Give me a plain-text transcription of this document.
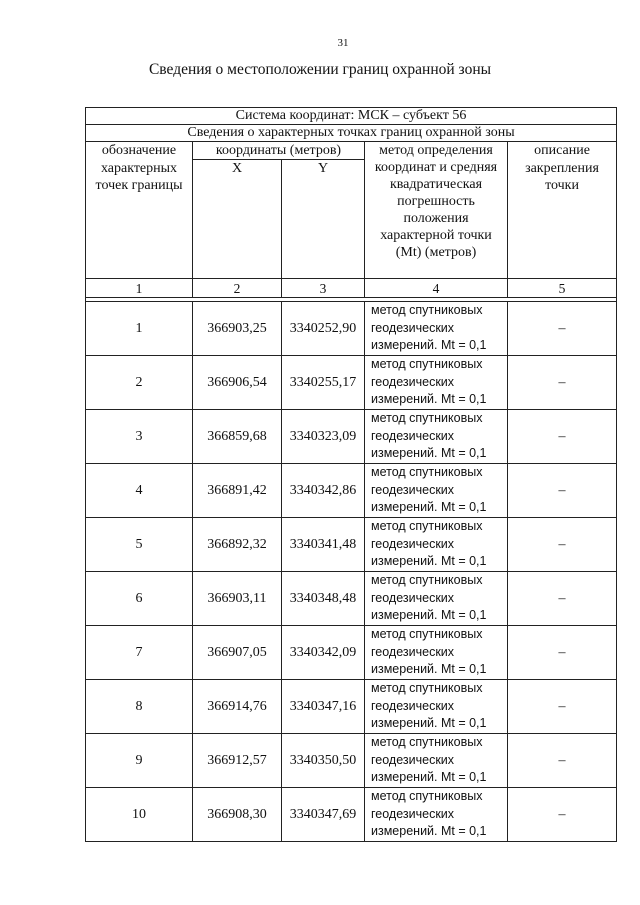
31
Сведения о местоположении границ охранной зоны
Система координат: МСК – субъект 56				
Сведения о характерных точках границ охранной зоны				
обозначение	координаты (метров)		метод определения координат и средняя квадратическая погрешность положения характерной точки (Mt) (метров)	описание
характерных точек границы	X	Y		закрепления точки
1	2	3	4	5

1	366903,25	3340252,90	метод спутниковых геодезических измерений. Mt = 0,1	–
2	366906,54	3340255,17	метод спутниковых геодезических измерений. Mt = 0,1	–
3	366859,68	3340323,09	метод спутниковых геодезических измерений. Mt = 0,1	–
4	366891,42	3340342,86	метод спутниковых геодезических измерений. Mt = 0,1	–
5	366892,32	3340341,48	метод спутниковых геодезических измерений. Mt = 0,1	–
6	366903,11	3340348,48	метод спутниковых геодезических измерений. Mt = 0,1	–
7	366907,05	3340342,09	метод спутниковых геодезических измерений. Mt = 0,1	–
8	366914,76	3340347,16	метод спутниковых геодезических измерений. Mt = 0,1	–
9	366912,57	3340350,50	метод спутниковых геодезических измерений. Mt = 0,1	–
10	366908,30	3340347,69	метод спутниковых геодезических измерений. Mt = 0,1	–
